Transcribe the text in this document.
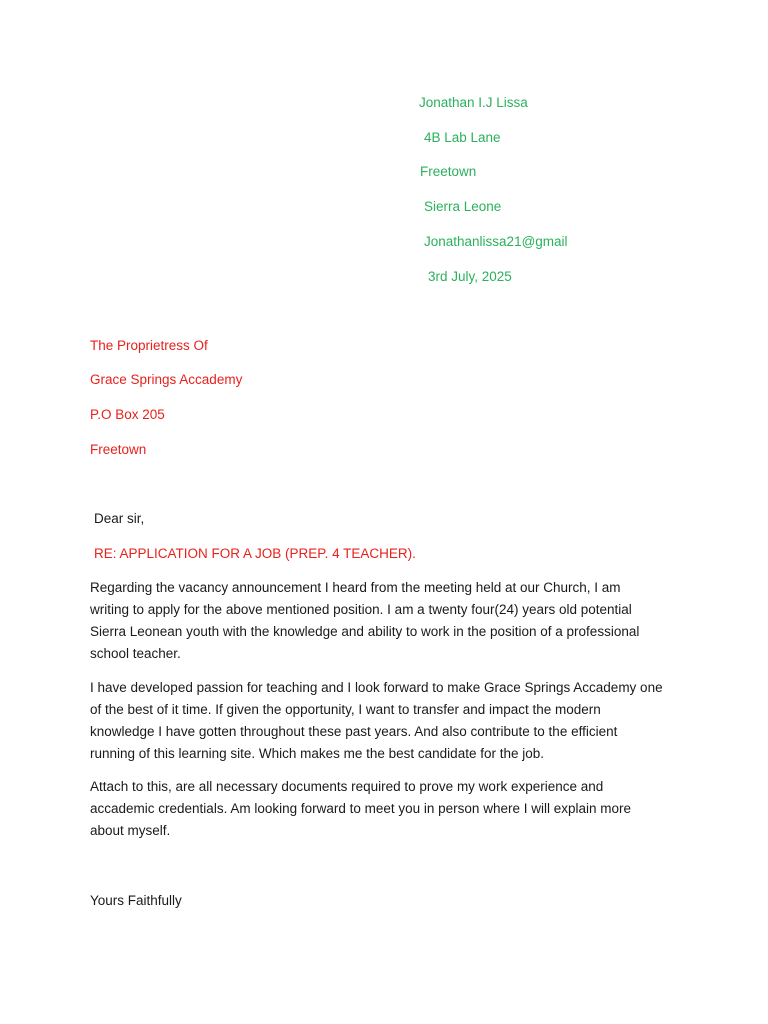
Jonathan I.J Lissa
4B Lab Lane
Freetown
Sierra Leone
Jonathanlissa21@gmail
3rd July, 2025
The Proprietress Of
Grace Springs Accademy
P.O Box 205
Freetown
Dear sir,
RE: APPLICATION FOR A JOB (PREP. 4 TEACHER).
Regarding the vacancy announcement I heard from the meeting held at our Church, I am
writing to apply for the above mentioned position. I am a twenty four(24) years old potential
Sierra Leonean youth with the knowledge and ability to work in the position of a professional
school teacher.
I have developed passion for teaching and I look forward to make Grace Springs Accademy one
of the best of it time. If given the opportunity, I want to transfer and impact the modern
knowledge I have gotten throughout these past years. And also contribute to the efficient
running of this learning site. Which makes me the best candidate for the job.
Attach to this, are all necessary documents required to prove my work experience and
accademic credentials. Am looking forward to meet you in person where I will explain more
about myself.
Yours Faithfully
